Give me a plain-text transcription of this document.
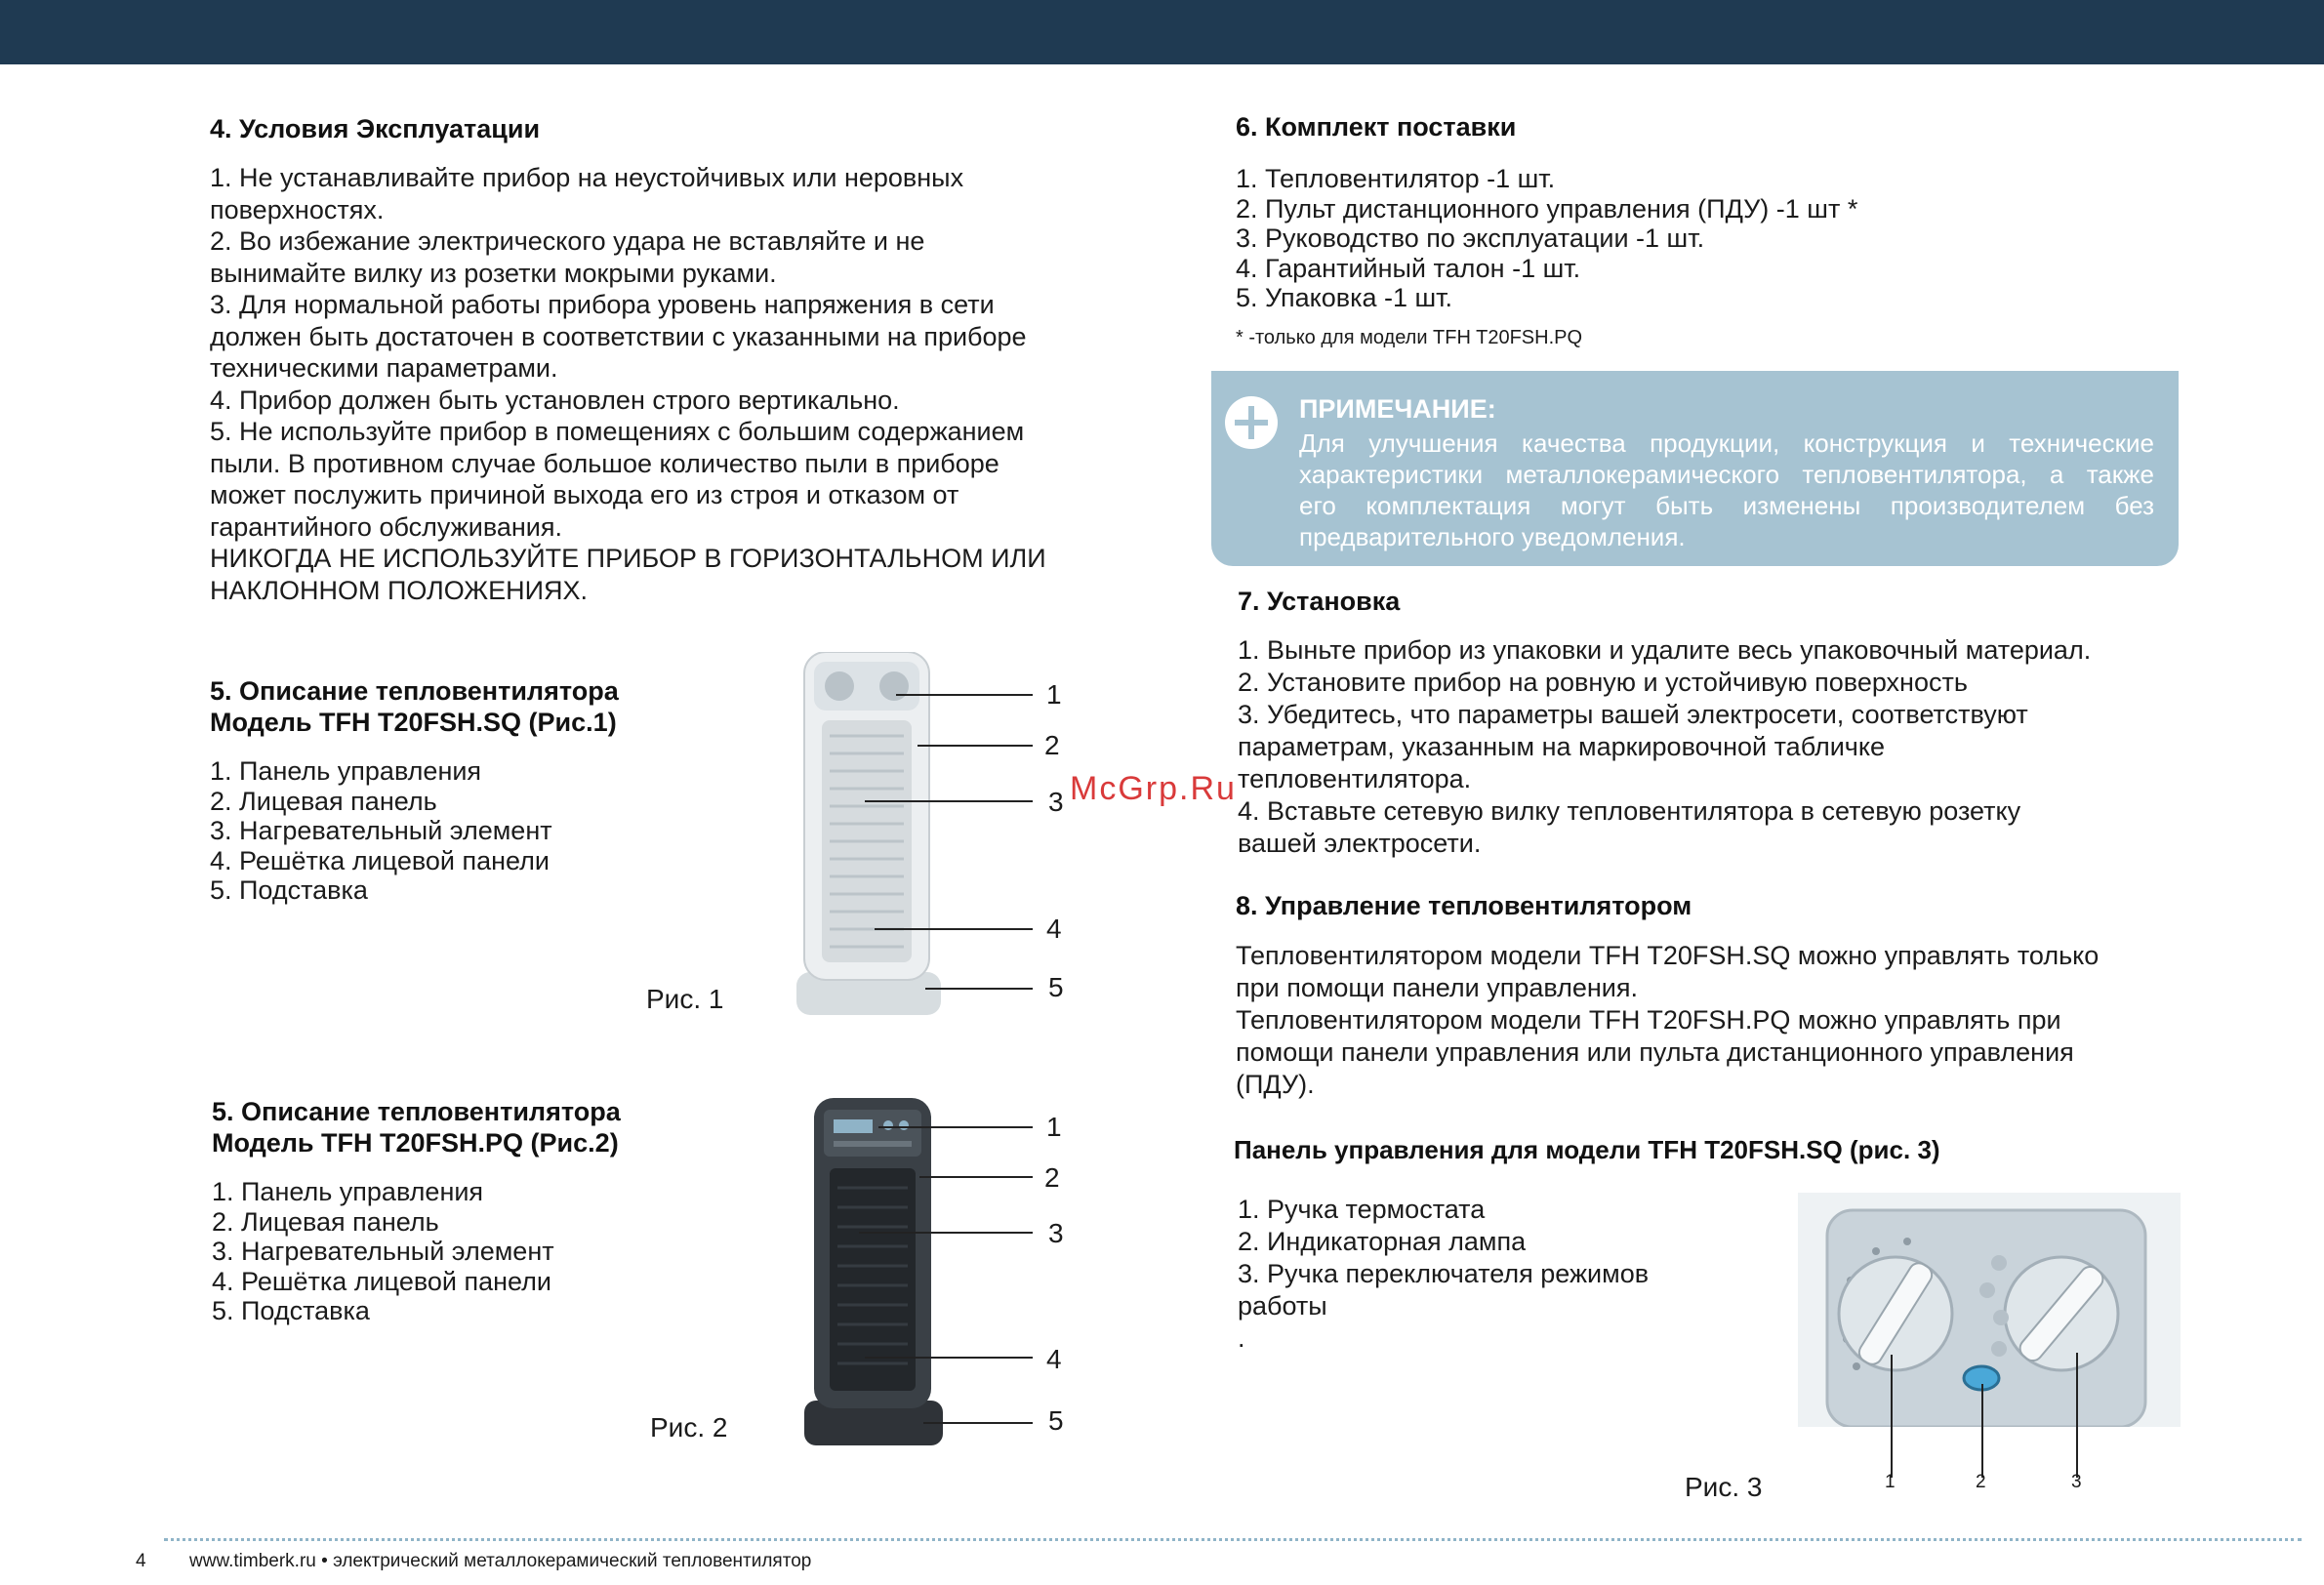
4. Условия Эксплуатации
1. Не устанавливайте прибор на неустойчивых или неровных
поверхностях.
2. Во избежание электрического удара не вставляйте и не
вынимайте вилку из розетки мокрыми руками.
3. Для нормальной работы прибора уровень напряжения в сети
должен быть достаточен в соответствии с указанными на приборе
техническими параметрами.
4. Прибор должен быть установлен строго вертикально.
5. Не используйте прибор в помещениях с большим содержанием
пыли. В противном случае большое количество пыли в приборе
может послужить причиной выхода его из строя и отказом от
гарантийного обслуживания.
НИКОГДА НЕ ИСПОЛЬЗУЙТЕ ПРИБОР В ГОРИЗОНТАЛЬНОМ ИЛИ
НАКЛОННОМ ПОЛОЖЕНИЯХ.
5. Описание тепловентилятора
Модель TFH T20FSH.SQ (Рис.1)
1. Панель управления
2. Лицевая панель
3. Нагревательный элемент
4. Решётка лицевой панели
5. Подставка
Рис. 1
1
2
3
4
5
5. Описание тепловентилятора
Модель TFH T20FSH.PQ (Рис.2)
1. Панель управления
2. Лицевая панель
3. Нагревательный элемент
4. Решётка лицевой панели
5. Подставка
Рис. 2
1
2
3
4
5
6. Комплект поставки
1. Тепловентилятор -1 шт.
2. Пульт дистанционного управления (ПДУ) -1 шт *
3. Руководство по эксплуатации -1 шт.
4. Гарантийный талон -1 шт.
5. Упаковка -1 шт.
* -только для модели TFH T20FSH.PQ
ПРИМЕЧАНИЕ:
Для улучшения качества продукции, конструкция и технические
характеристики металлокерамического тепловентилятора, а также
его комплектация могут быть изменены производителем без
предварительного уведомления.
7. Установка
1. Выньте прибор из упаковки и удалите весь упаковочный материал.
2. Установите прибор на ровную и устойчивую поверхность
3. Убедитесь, что параметры вашей электросети, соответствуют
параметрам, указанным на маркировочной табличке
тепловентилятора.
4. Вставьте сетевую вилку тепловентилятора в сетевую розетку
вашей электросети.
8. Управление тепловентилятором
Тепловентилятором модели TFH T20FSH.SQ можно управлять только
при помощи панели управления.
Тепловентилятором модели TFH T20FSH.PQ можно управлять при
помощи панели управления или пульта дистанционного управления
(ПДУ).
Панель управления для модели TFH T20FSH.SQ (рис. 3)
1. Ручка термостата
2. Индикаторная лампа
3. Ручка переключателя режимов
работы
.
Рис. 3	1	2	3
McGrp.Ru
4 www.timberk.ru • электрический металлокерамический тепловентилятор
